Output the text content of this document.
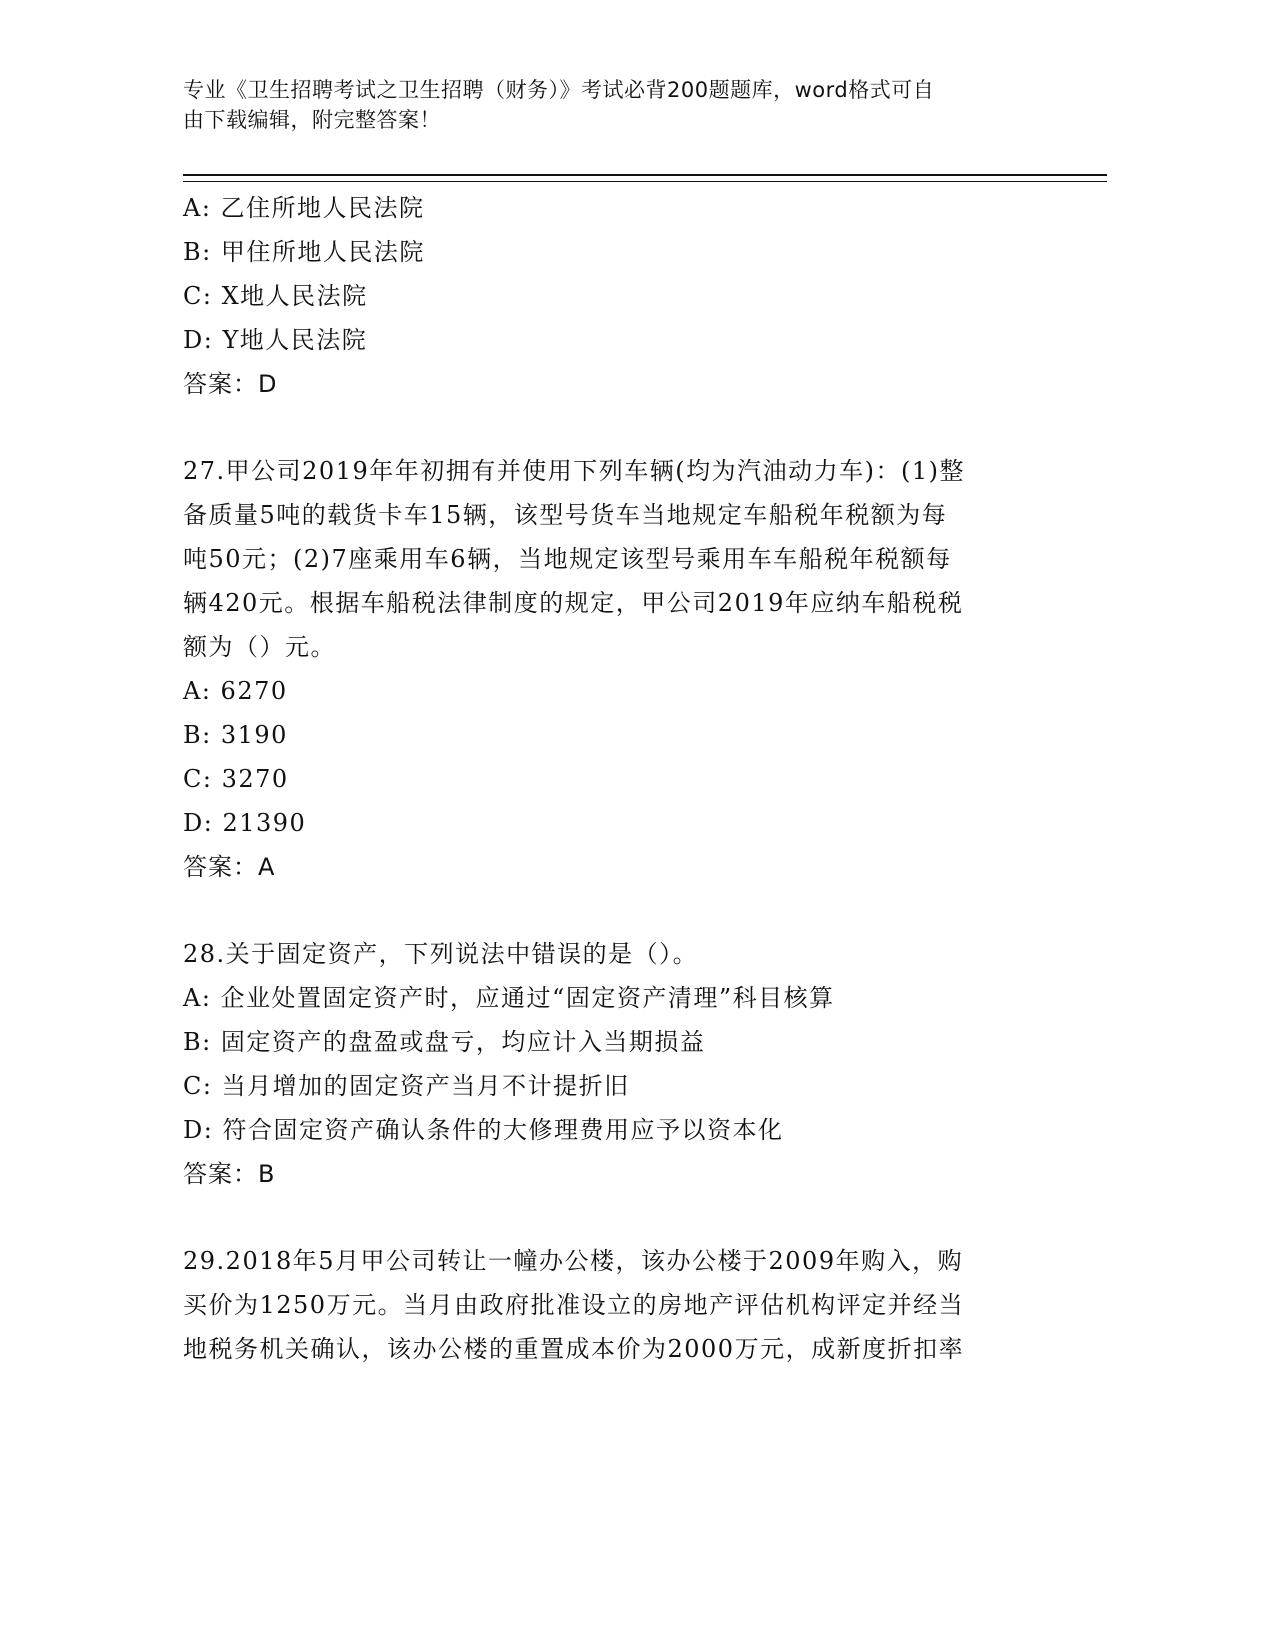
专业《卫生招聘考试之卫生招聘（财务）》考试必背200题题库，word格式可自
由下载编辑，附完整答案！
A: 乙住所地人民法院
B: 甲住所地人民法院
C: X地人民法院
D: Y地人民法院
答案：D
27.甲公司2019年年初拥有并使用下列车辆(均为汽油动力车)：(1)整
备质量5吨的载货卡车15辆，该型号货车当地规定车船税年税额为每
吨50元；(2)7座乘用车6辆，当地规定该型号乘用车车船税年税额每
辆420元。根据车船税法律制度的规定，甲公司2019年应纳车船税税
额为（）元。
A: 6270
B: 3190
C: 3270
D: 21390
答案：A
28.关于固定资产，下列说法中错误的是（）。
A: 企业处置固定资产时，应通过“固定资产清理”科目核算
B: 固定资产的盘盈或盘亏，均应计入当期损益
C: 当月增加的固定资产当月不计提折旧
D: 符合固定资产确认条件的大修理费用应予以资本化
答案：B
29.2018年5月甲公司转让一幢办公楼，该办公楼于2009年购入，购
买价为1250万元。当月由政府批准设立的房地产评估机构评定并经当
地税务机关确认，该办公楼的重置成本价为2000万元，成新度折扣率
